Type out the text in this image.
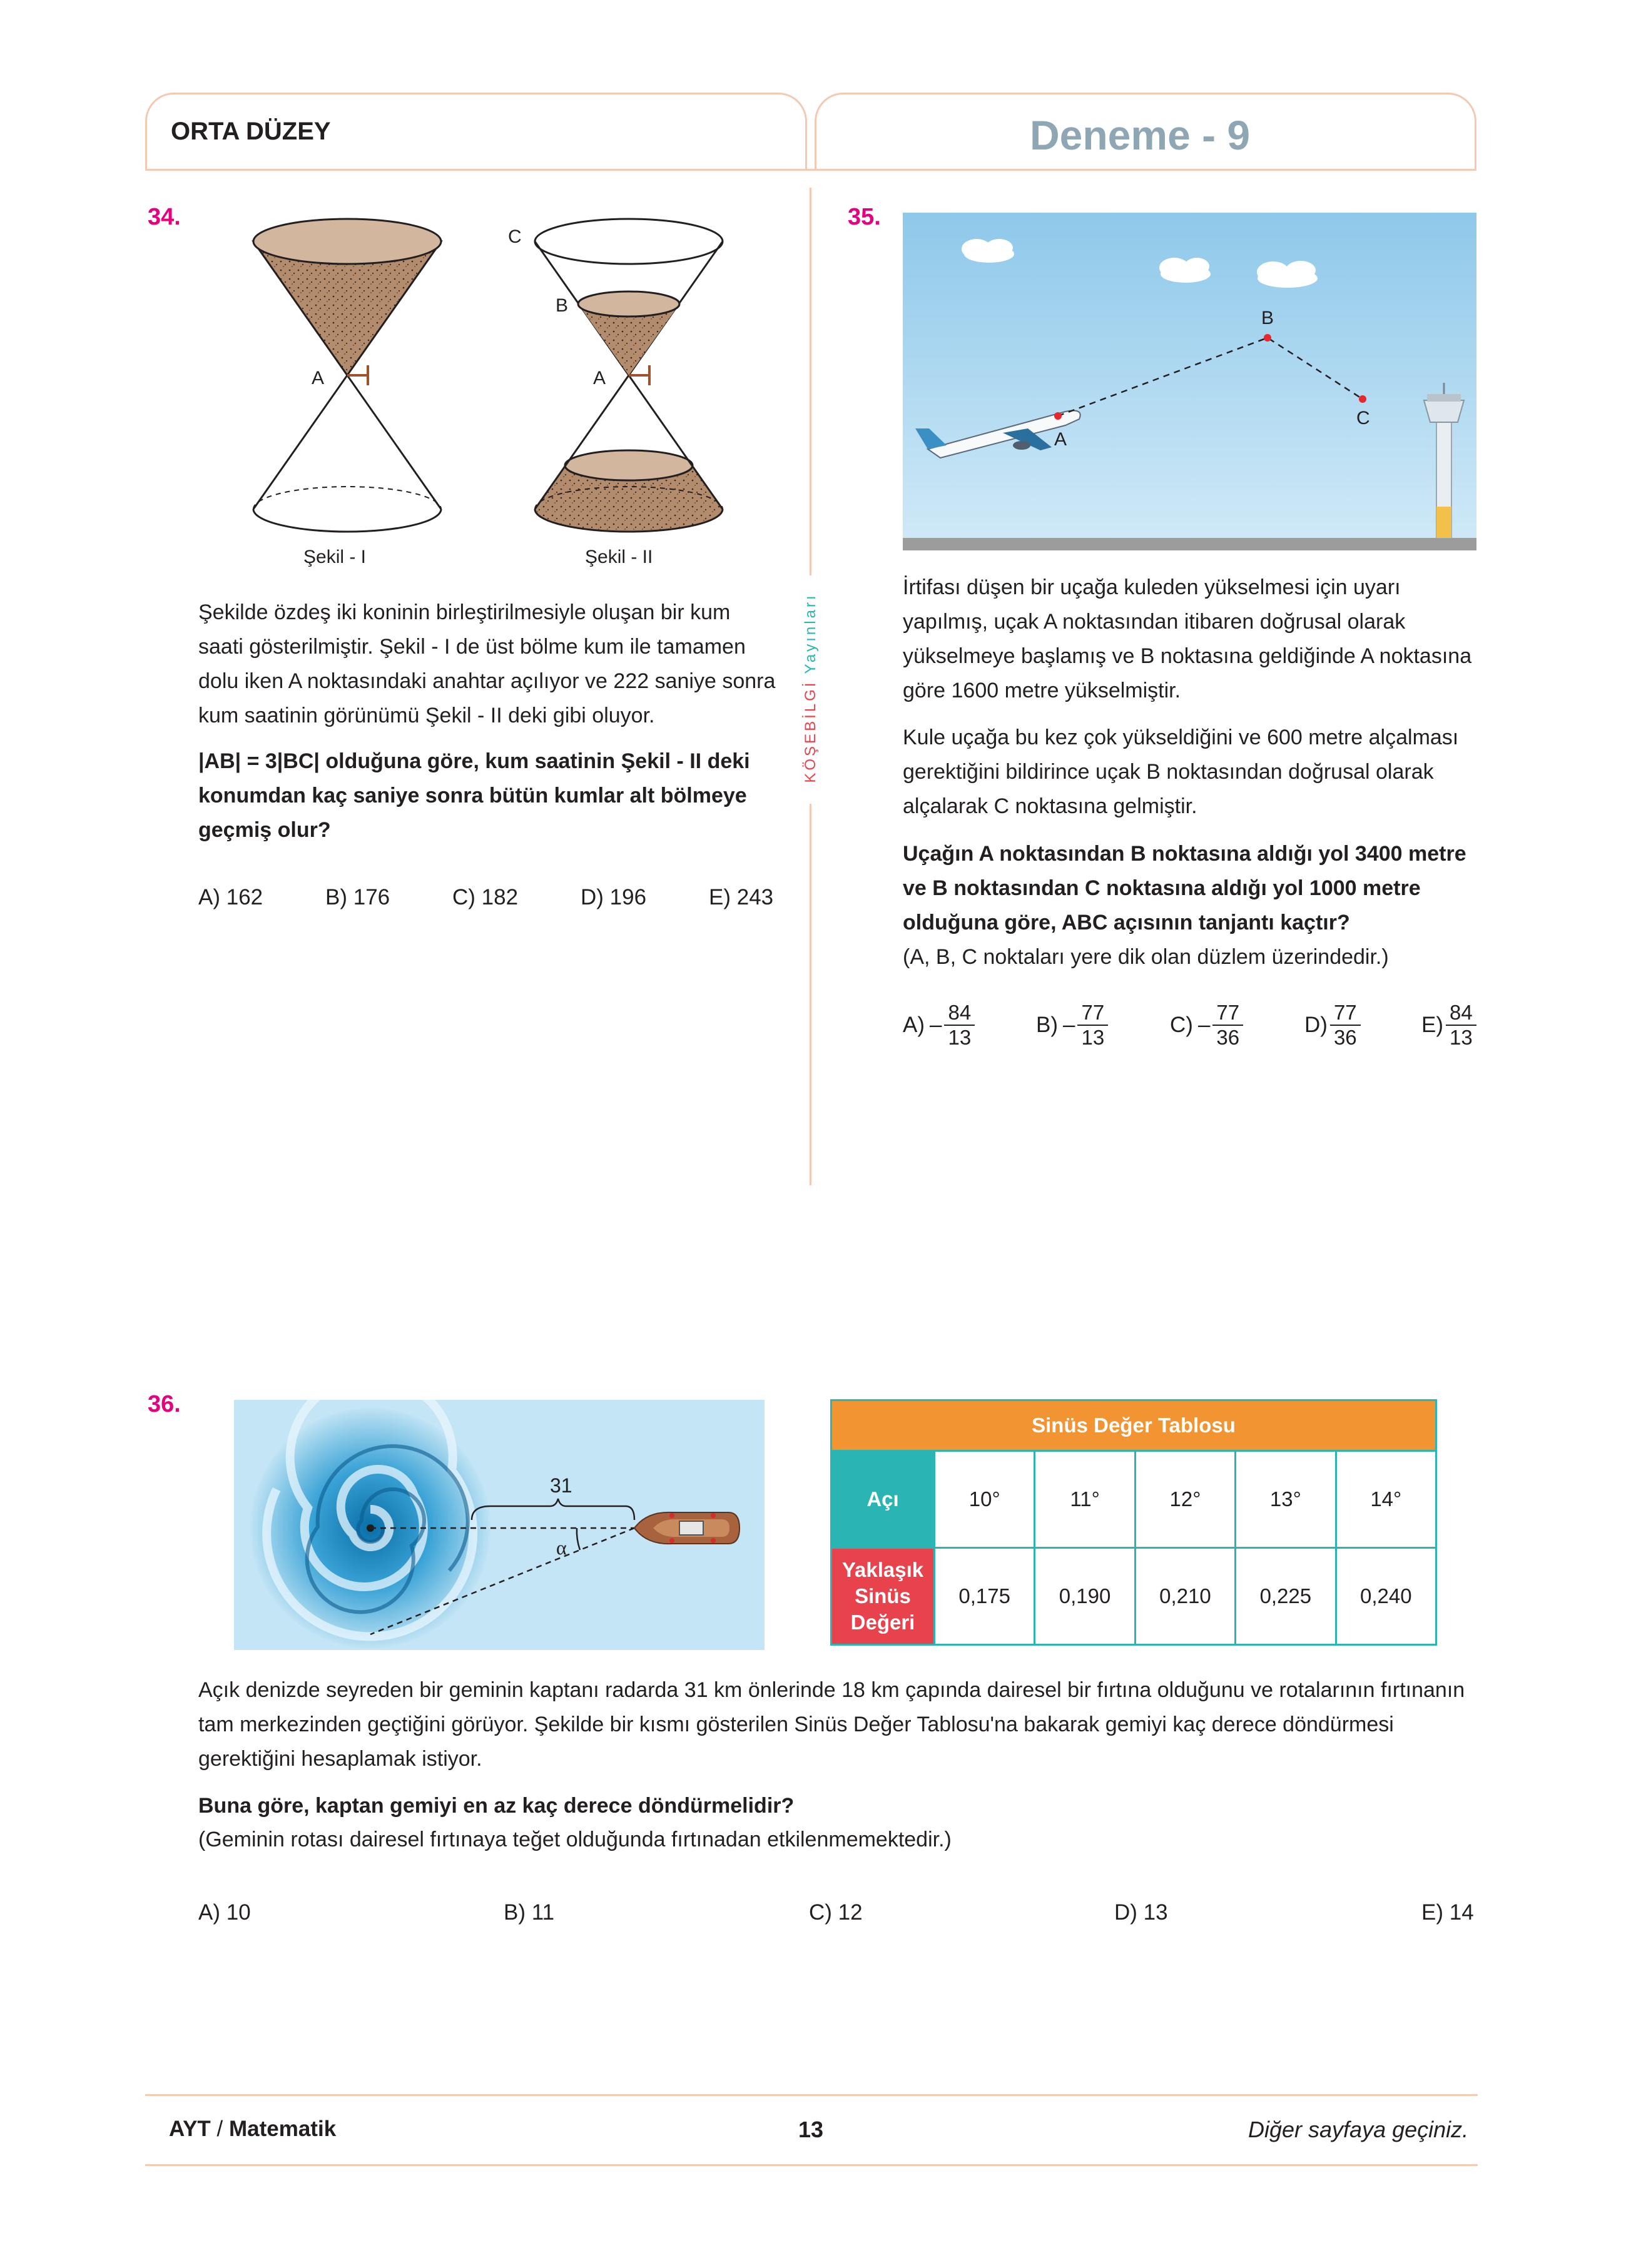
ORTA DÜZEY	Deneme - 9
KÖŞEBİLGİ Yayınları
34.
A	A
B
C
Şekil - I	Şekil - II
Şekilde özdeş iki koninin birleştirilmesiyle oluşan bir kum saati gösterilmiştir. Şekil - I de üst bölme kum ile tamamen dolu iken A noktasındaki anahtar açılıyor ve 222 saniye sonra kum saatinin görünümü Şekil - II deki gibi oluyor.
|AB| = 3|BC| olduğuna göre, kum saatinin Şekil - II deki konumdan kaç saniye sonra bütün kumlar alt bölmeye geçmiş olur?
A) 162	B) 176	C) 182	D) 196	E) 243
35.
A
B
C
İrtifası düşen bir uçağa kuleden yükselmesi için uyarı yapılmış, uçak A noktasından itibaren doğrusal olarak yükselmeye başlamış ve B noktasına geldiğinde A noktasına göre 1600 metre yükselmiştir.
Kule uçağa bu kez çok yükseldiğini ve 600 metre alçalması gerektiğini bildirince uçak B noktasından doğrusal olarak alçalarak C noktasına gelmiştir.
Uçağın A noktasından B noktasına aldığı yol 3400 metre ve B noktasından C noktasına aldığı yol 1000 metre olduğuna göre, ABC açısının tanjantı kaçtır?
(A, B, C noktaları yere dik olan düzlem üzerindedir.)
$A) - \frac{84}{13}$	$B) - \frac{77}{13}$	$C) - \frac{77}{36}$	$D) \frac{77}{36}$	$E) \frac{84}{13}$
36.
31
α
Sinüs Değer Tablosu					
Açı	10°	11°	12°	13°	14°

Yaklaşık
Sinüs
Değeri	0,175	0,190	0,210	0,225	0,240
Açık denizde seyreden bir geminin kaptanı radarda 31 km önlerinde 18 km çapında dairesel bir fırtına olduğunu ve rotalarının fırtınanın tam merkezinden geçtiğini görüyor. Şekilde bir kısmı gösterilen Sinüs Değer Tablosu'na bakarak gemiyi kaç derece döndürmesi gerektiğini hesaplamak istiyor.
Buna göre, kaptan gemiyi en az kaç derece döndürmelidir?
(Geminin rotası dairesel fırtınaya teğet olduğunda fırtınadan etkilenmemektedir.)
A) 10	B) 11	C) 12	D) 13	E) 14
AYT / Matematik	13	Diğer sayfaya geçiniz.
